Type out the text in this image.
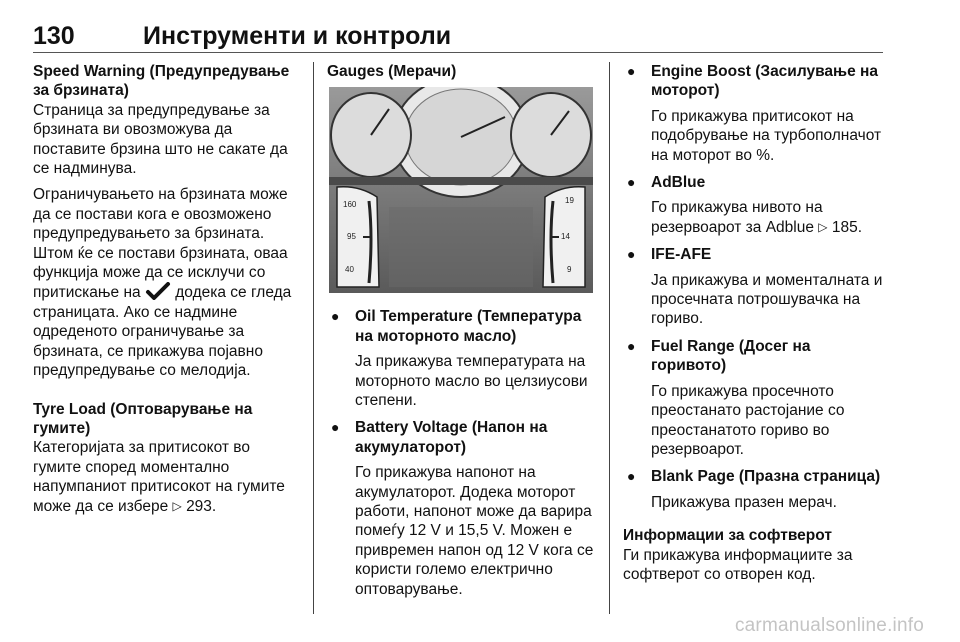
130	Инструменти и контроли

Speed Warning (Предупредување за брзината)

Страница за предупредување за брзината ви овозможува да поставите брзина што не сакате да се надминува.

Ограничувањето на брзината може да се постави кога е овозможено предупредувањето за брзината. Штом ќе се постави брзината, оваа функција може да се исклучи со притискање на додека се гледа страницата. Ако се надмине одреденото ограничување за брзината, се прикажува појавно предупредување со мелодија.

Tyre Load (Оптоварување на гумите)

Категоријата за притисокот во гумите според моменталнo напумпаниот притисокот на гумите може да се избере ▷ 293.

Gauges (Мерачи)

160
95
40
19
14
9
● Oil Temperature (Температура на моторното масло)
Ја прикажува температурата на моторното масло во целзиусови степени.
● Battery Voltage (Напон на акумулаторот)
Го прикажува напонот на акумулаторот. Додека моторот работи, напонот може да варира помеѓу 12 V и 15,5 V. Можен е привремен напон од 12 V кога се користи големо електрично оптоварување.
● Engine Boost (Засилување на моторот)
Го прикажува притисокот на подобрување на турбополначот на моторот во %.
● AdBlue
Го прикажува нивото на резервоарот за Adblue ▷ 185.
● IFE-AFE
Ја прикажува и моменталната и просечната потрошувачка на гориво.
● Fuel Range (Досег на горивото)
Го прикажува просечното преостанато растојание со преостанатото гориво во резервоарот.
● Blank Page (Празна страница)
Прикажува празен мерач.

Информации за софтверот

Ги прикажува информациите за софтверот со отворен код.

carmanualsonline.info
